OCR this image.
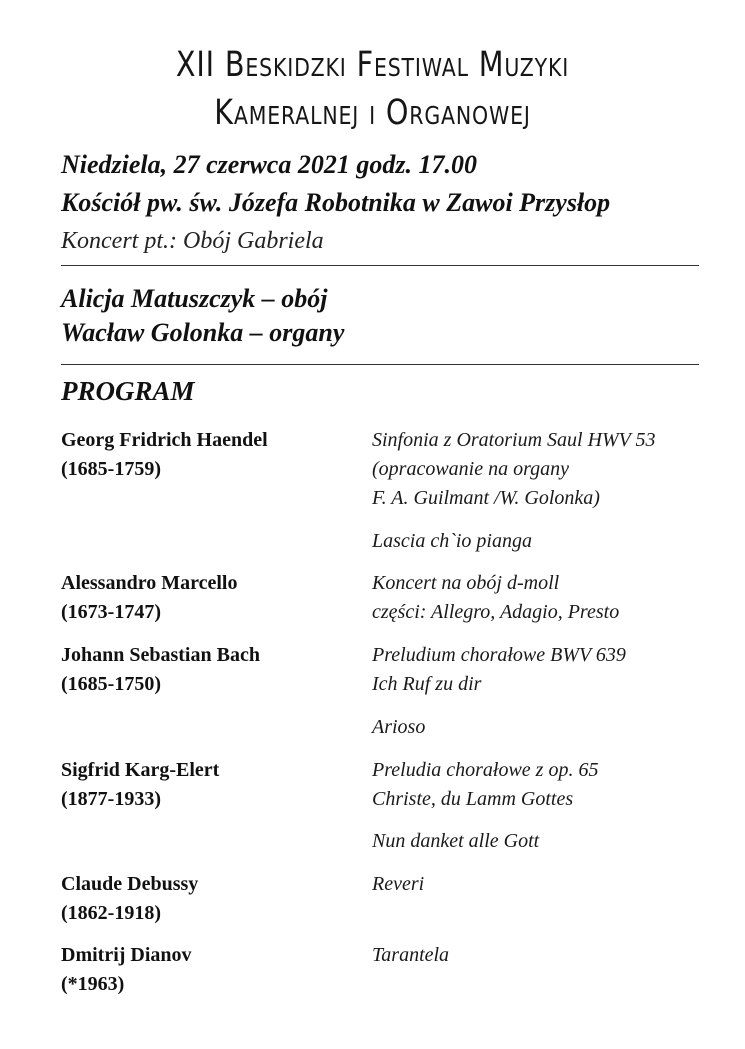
XII Beskidzki Festiwal Muzyki
Kameralnej i Organowej
Niedziela, 27 czerwca 2021 godz. 17.00
Kościół pw. św. Józefa Robotnika w Zawoi Przysłop
Koncert pt.: Obój Gabriela
Alicja Matuszczyk – obój
Wacław Golonka – organy
PROGRAM
Georg Fridrich Haendel
(1685-1759)
Sinfonia z Oratorium Saul HWV 53
(opracowanie na organy
F. A. Guilmant /W. Golonka)
Lascia ch`io pianga
Alessandro Marcello
(1673-1747)
Koncert na obój d-moll
części: Allegro, Adagio, Presto
Johann Sebastian Bach
(1685-1750)
Preludium chorałowe BWV 639
Ich Ruf zu dir
Arioso
Sigfrid Karg-Elert
(1877-1933)
Preludia chorałowe z op. 65
Christe, du Lamm Gottes
Nun danket alle Gott
Claude Debussy
(1862-1918)
Reveri
Dmitrij Dianov
(*1963)
Tarantela
